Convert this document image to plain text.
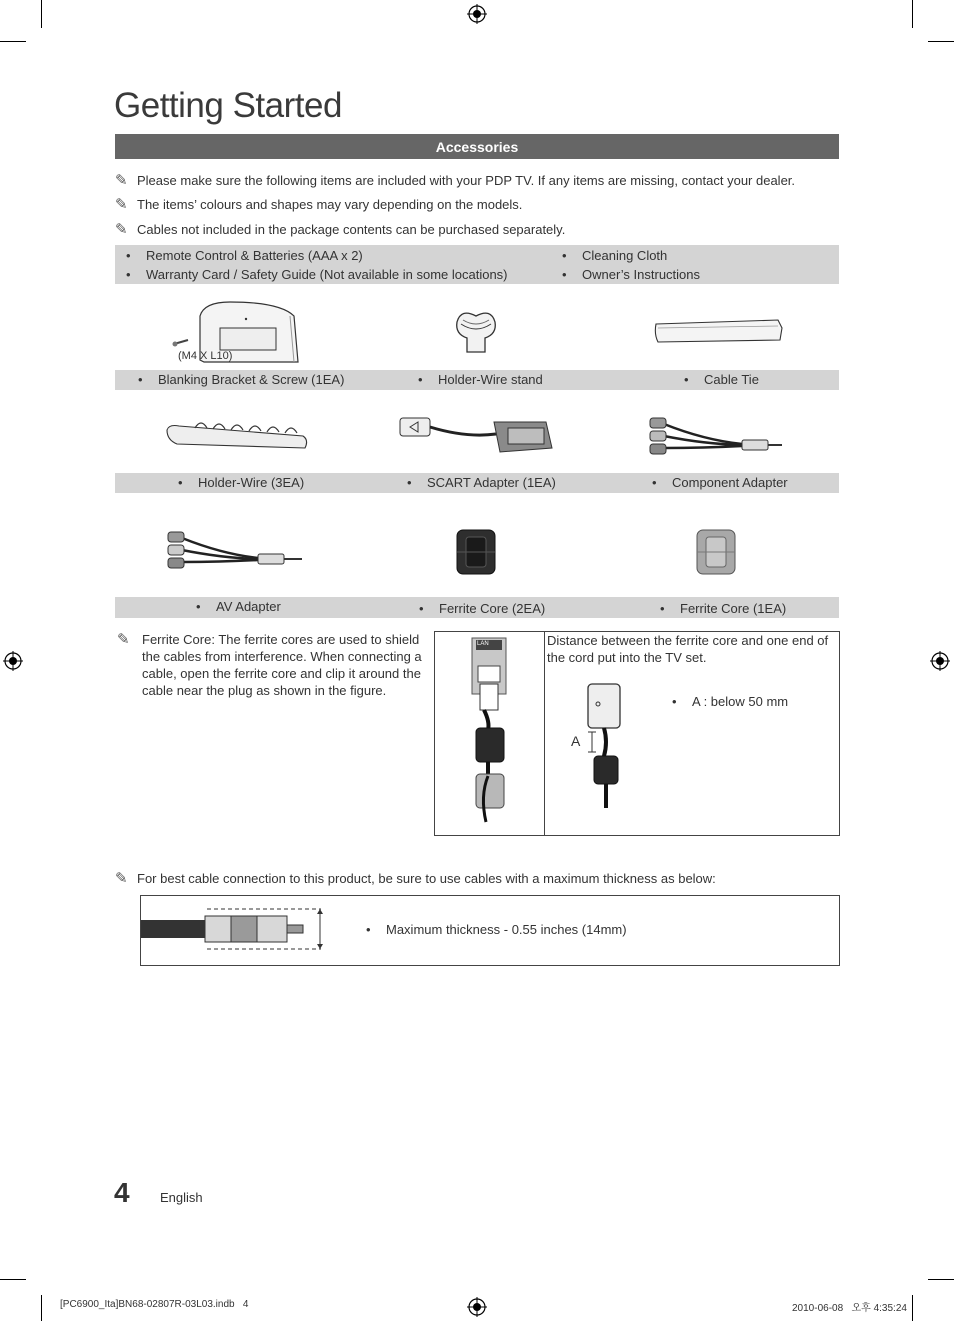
Getting Started
Accessories
✎ Please make sure the following items are included with your PDP TV. If any items are missing, contact your dealer.
✎ The items’ colours and shapes may vary depending on the models.
✎ Cables not included in the package contents can be purchased separately.
• Remote Control & Batteries (AAA x 2)
• Warranty Card / Safety Guide (Not available in some locations)
• Cleaning Cloth
• Owner’s Instructions
(M4 X L10)
• Blanking Bracket & Screw (1EA)	• Holder-Wire stand	• Cable Tie
• Holder-Wire (3EA)	• SCART Adapter (1EA)	• Component Adapter
• AV Adapter	• Ferrite Core (2EA)	• Ferrite Core (1EA)
✎ Ferrite Core: The ferrite cores are used to shield
the cables from interference. When connecting a
cable, open the ferrite core and clip it around the
cable near the plug as shown in the figure.
LAN	Distance between the ferrite core and one end of
the cord put into the TV set.
A
• A : below 50 mm
✎ For best cable connection to this product, be sure to use cables with a maximum thickness as below:
• Maximum thickness - 0.55 inches (14mm)
4 English
[PC6900_Ita]BN68-02807R-03L03.indb   4	2010-06-08   오후 4:35:24
